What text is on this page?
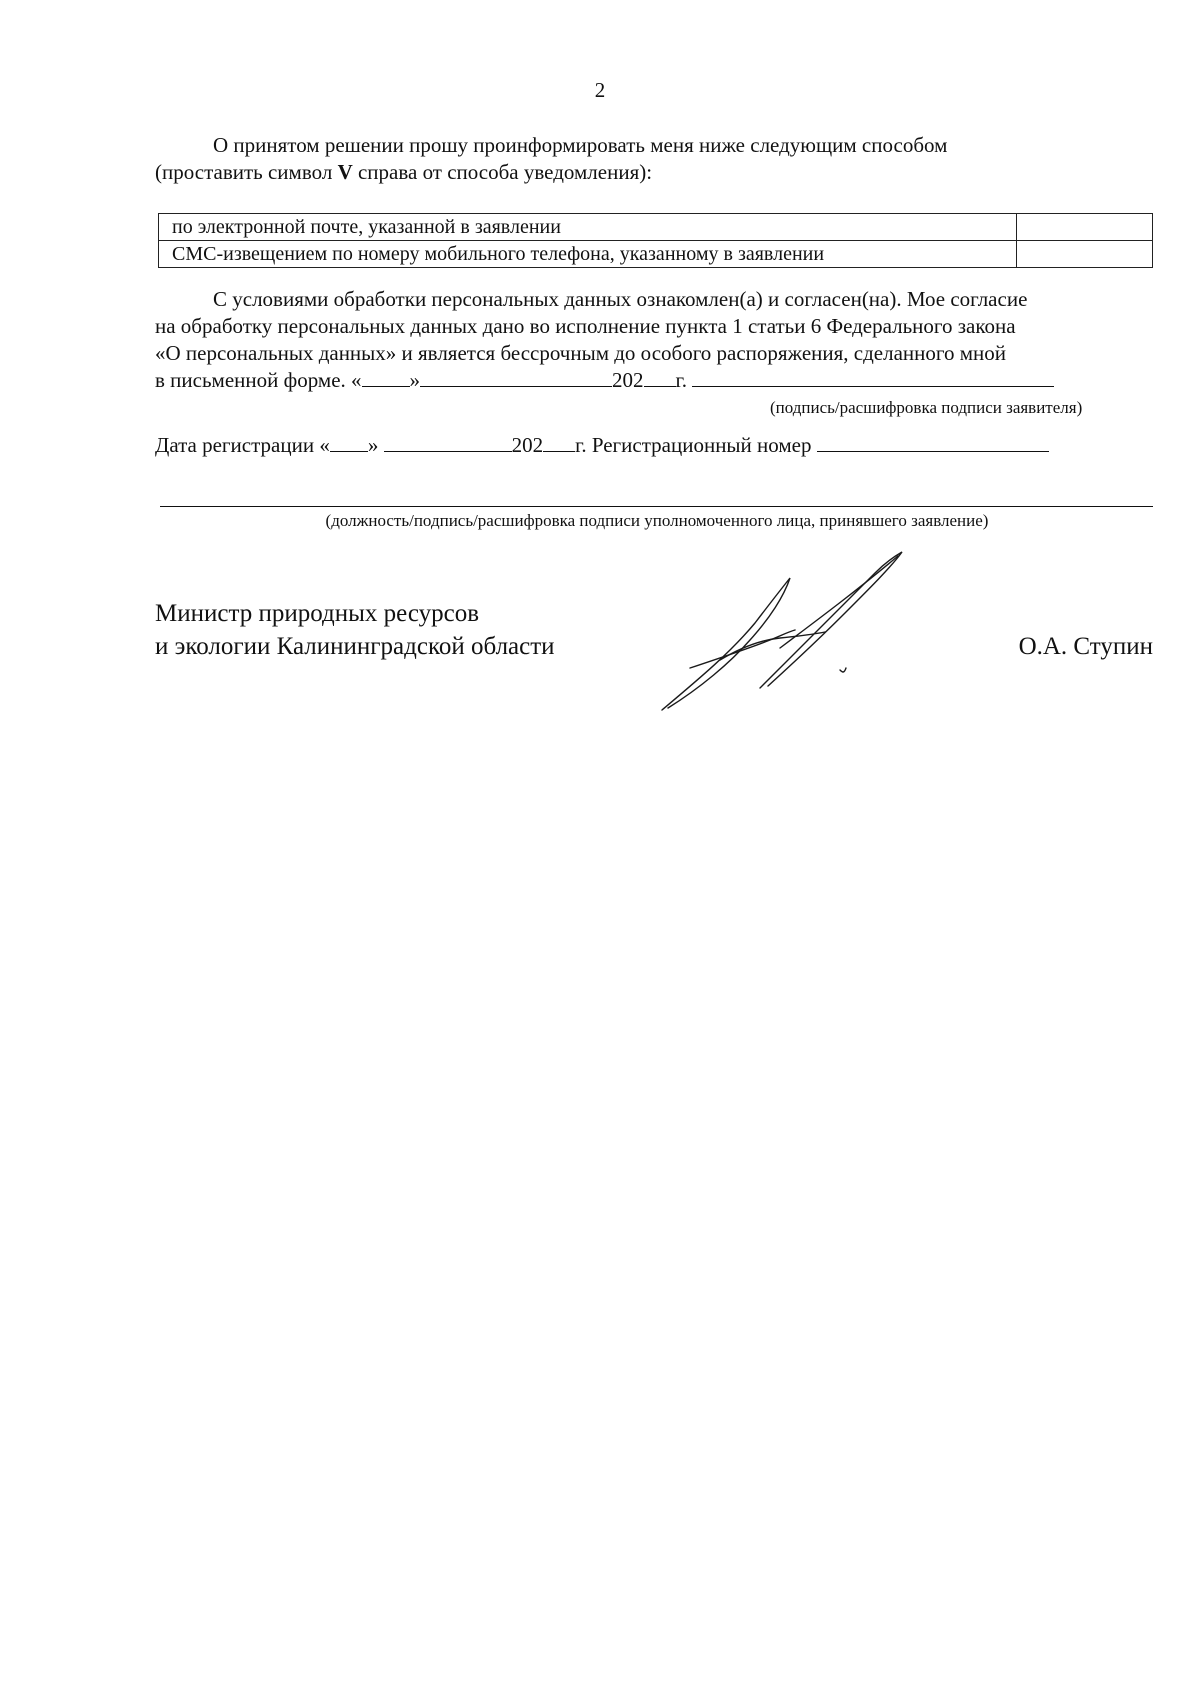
2
О принятом решении прошу проинформировать меня ниже следующим способом
(проставить символ V справа от способа уведомления):
по электронной почте, указанной в заявлении	
СМС-извещением по номеру мобильного телефона, указанному в заявлении	
С условиями обработки персональных данных ознакомлен(а) и согласен(на). Мое согласие
на обработку персональных данных дано во исполнение пункта 1 статьи 6 Федерального закона
«О персональных данных» и является бессрочным до особого распоряжения, сделанного мной
в письменной форме. « »	202 г.
(подпись/расшифровка подписи заявителя)
Дата регистрации « »	202 г. Регистрационный номер
(должность/подпись/расшифровка подписи уполномоченного лица, принявшего заявление)
Министр природных ресурсов
и экологии Калининградской области	О.А. Ступин
